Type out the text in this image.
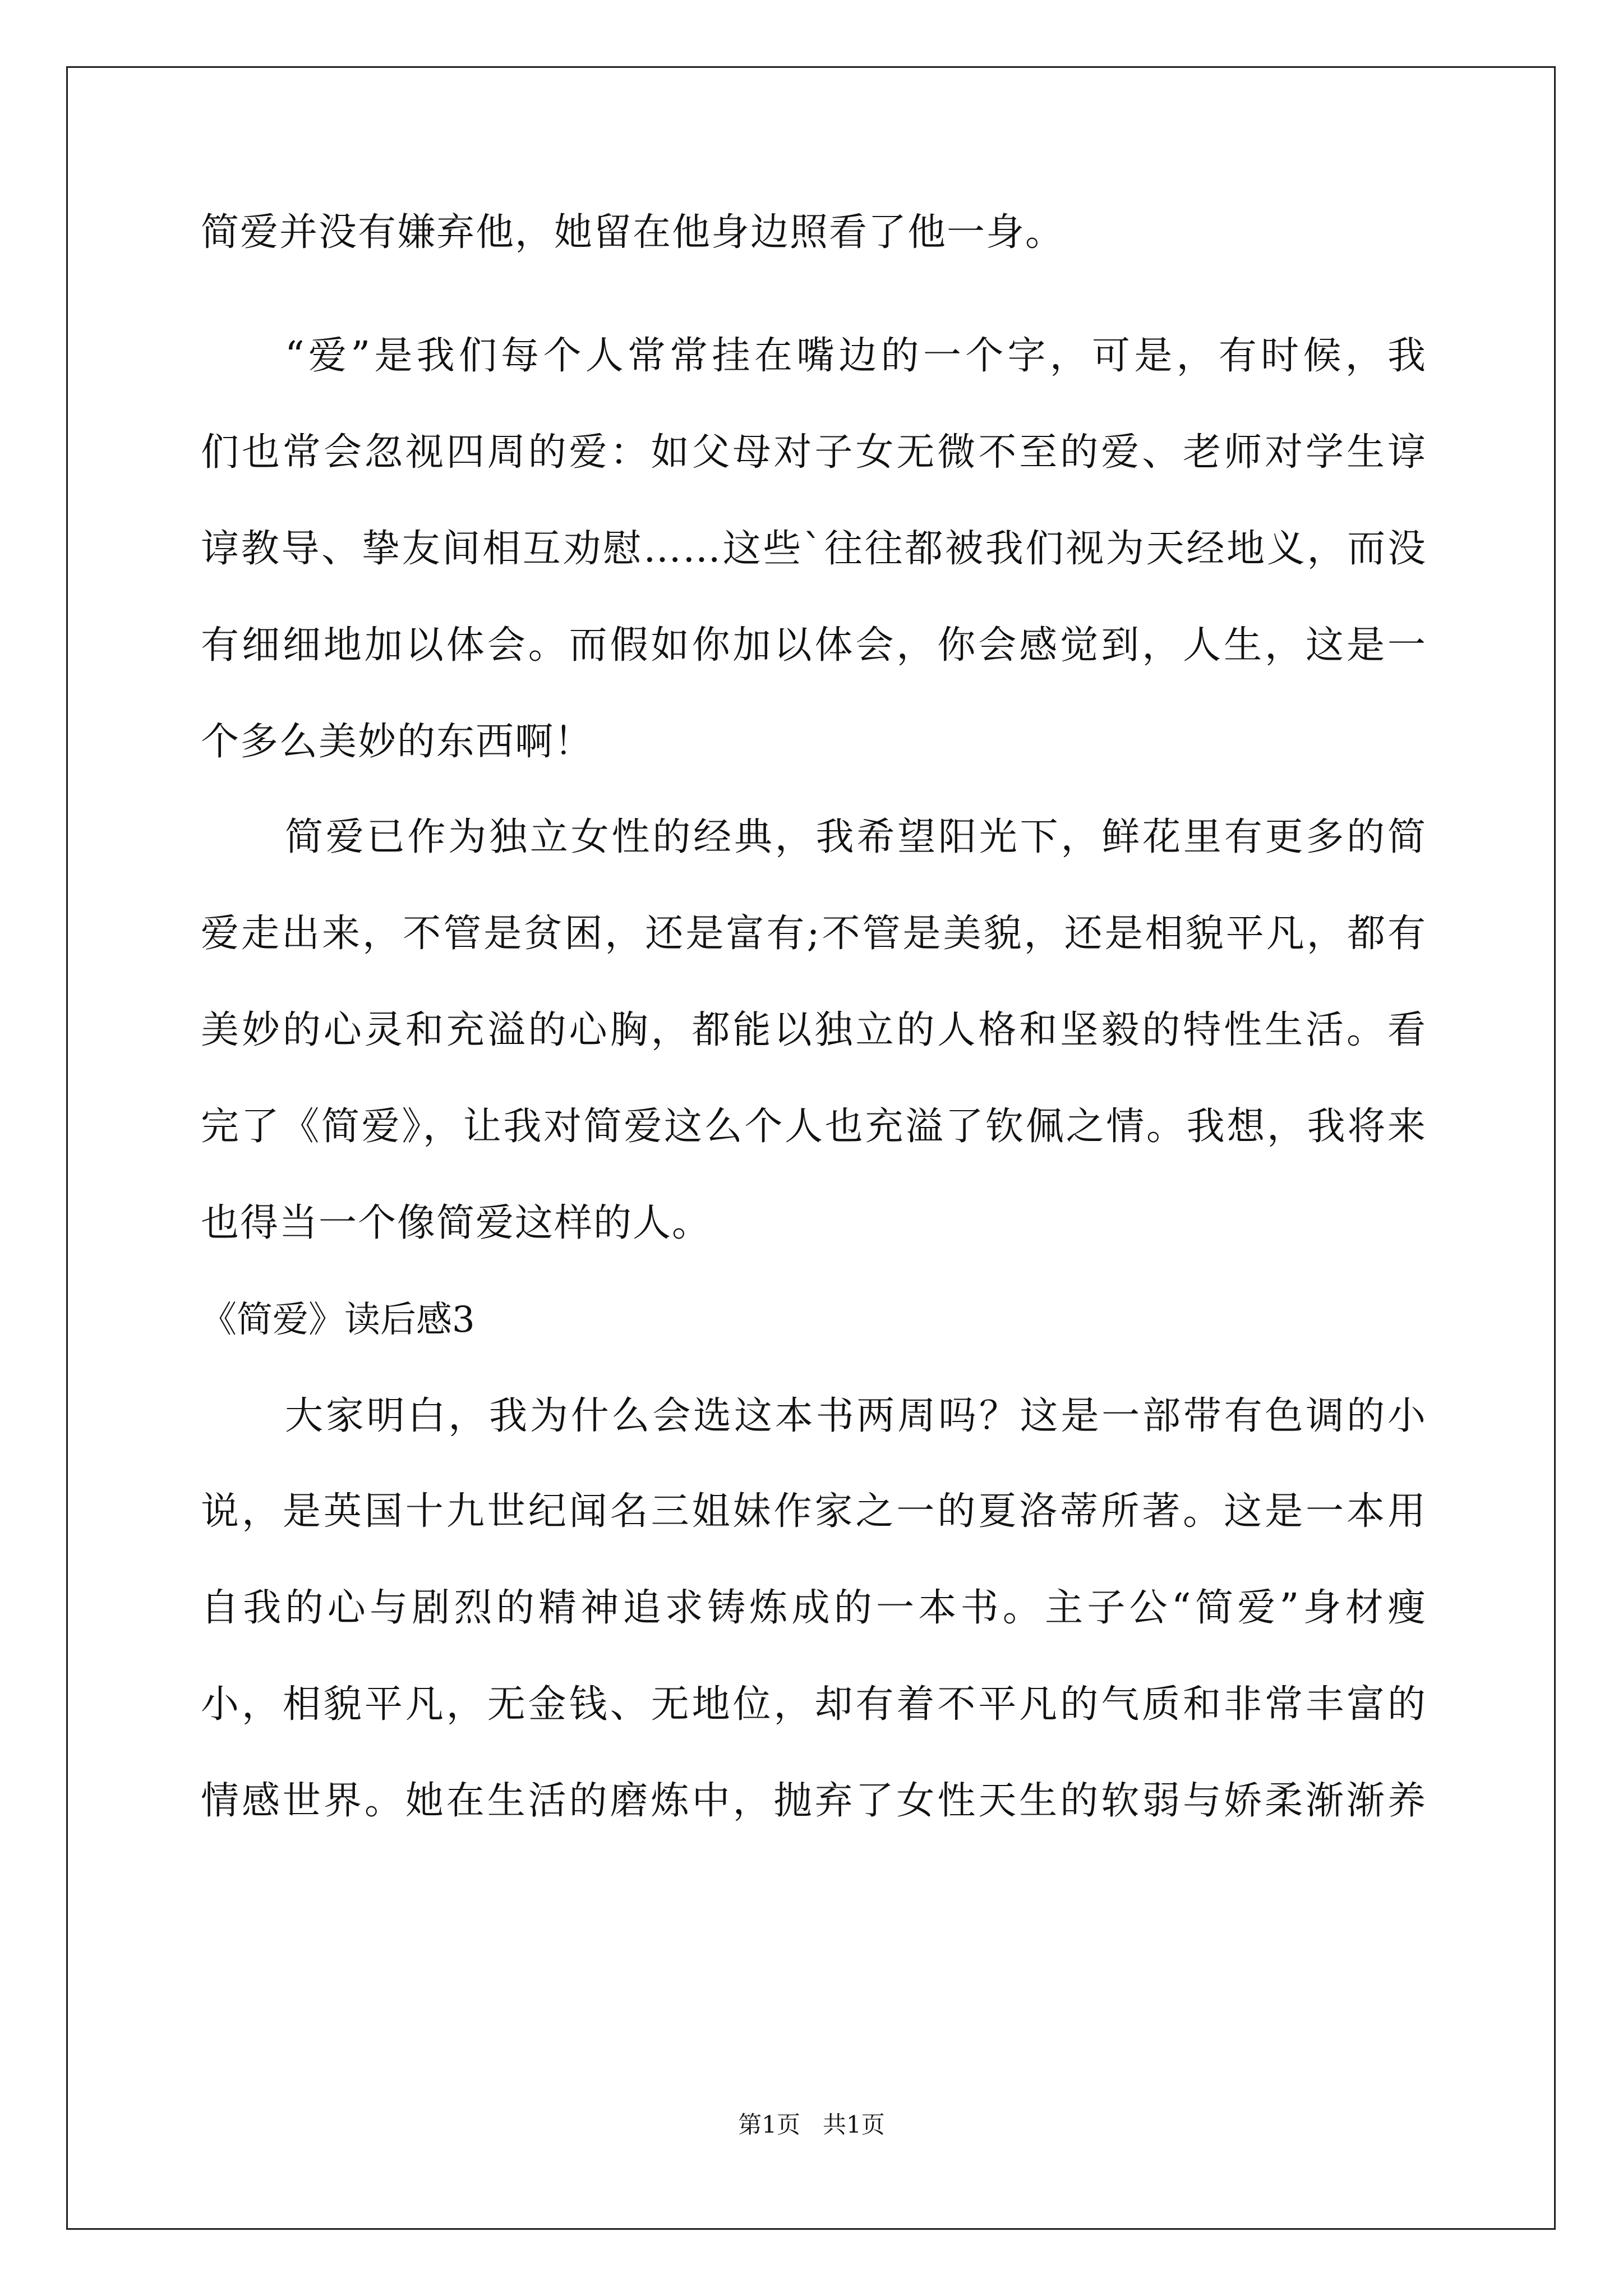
简爱并没有嫌弃他，她留在他身边照看了他一身。
“爱”是我们每个人常常挂在嘴边的一个字，可是，有时候，我
们也常会忽视四周的爱：如父母对子女无微不至的爱、老师对学生谆
谆教导、挚友间相互劝慰……这些`往往都被我们视为天经地义，而没
有细细地加以体会。而假如你加以体会，你会感觉到，人生，这是一
个多么美妙的东西啊！
简爱已作为独立女性的经典，我希望阳光下，鲜花里有更多的简
爱走出来，不管是贫困，还是富有;不管是美貌，还是相貌平凡，都有
美妙的心灵和充溢的心胸，都能以独立的人格和坚毅的特性生活。看
完了《简爱》，让我对简爱这么个人也充溢了钦佩之情。我想，我将来
也得当一个像简爱这样的人。
《简爱》读后感3
大家明白，我为什么会选这本书两周吗？这是一部带有色调的小
说，是英国十九世纪闻名三姐妹作家之一的夏洛蒂所著。这是一本用
自我的心与剧烈的精神追求铸炼成的一本书。主子公“简爱”身材瘦
小，相貌平凡，无金钱、无地位，却有着不平凡的气质和非常丰富的
情感世界。她在生活的磨炼中，抛弃了女性天生的软弱与娇柔渐渐养
第1页 共1页
